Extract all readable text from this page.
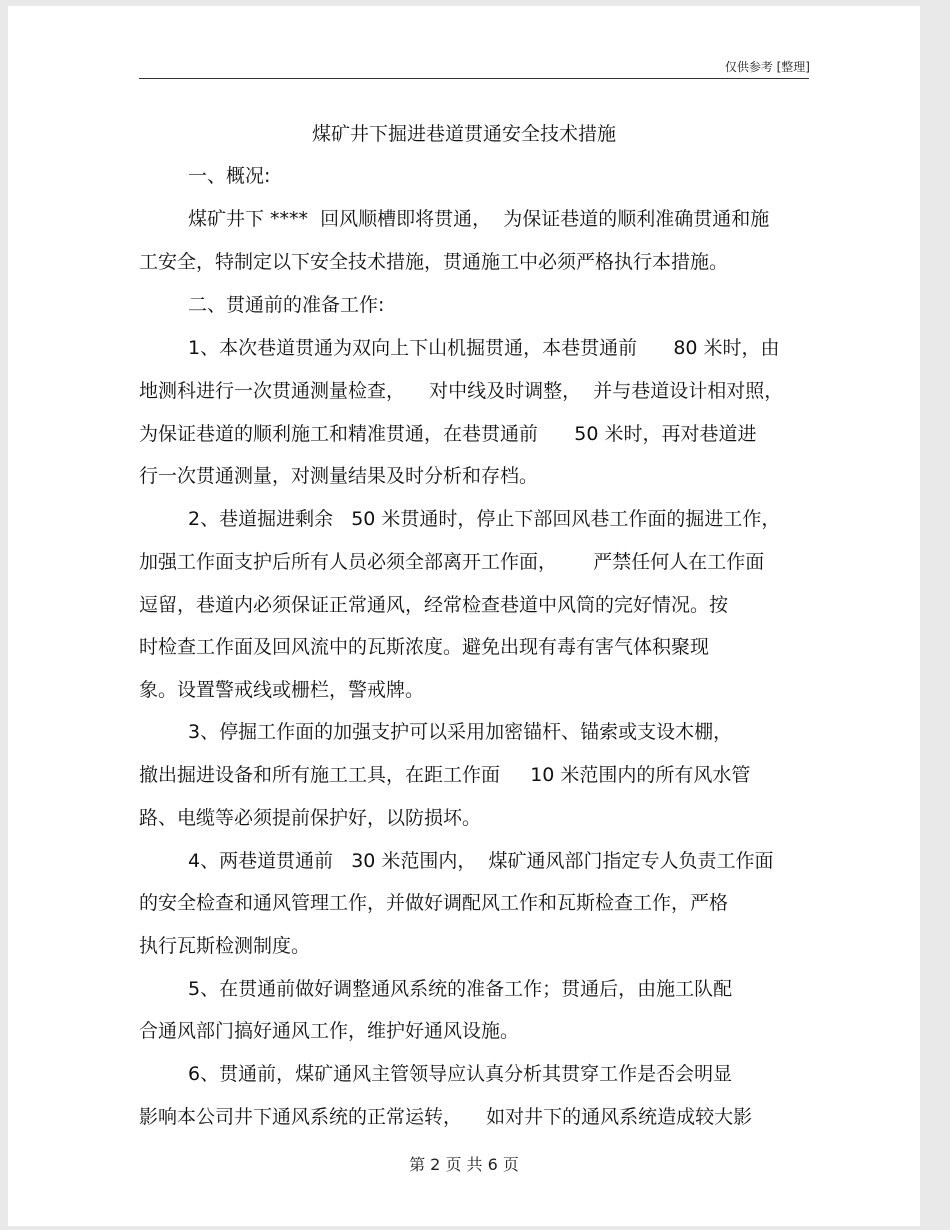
仅供参考 [整理]
煤矿井下掘进巷道贯通安全技术措施
一、概况:
煤矿井下 ****  回风顺槽即将贯通，  为保证巷道的顺利准确贯通和施
工安全，特制定以下安全技术措施，贯通施工中必须严格执行本措施。
二、贯通前的准备工作:
1、本次巷道贯通为双向上下山机掘贯通，本巷贯通前      80 米时，由
地测科进行一次贯通测量检查，    对中线及时调整，  并与巷道设计相对照，
为保证巷道的顺利施工和精准贯通，在巷贯通前      50 米时，再对巷道进
行一次贯通测量，对测量结果及时分析和存档。
2、巷道掘进剩余   50 米贯通时，停止下部回风巷工作面的掘进工作，
加强工作面支护后所有人员必须全部离开工作面，      严禁任何人在工作面
逗留，巷道内必须保证正常通风，经常检查巷道中风筒的完好情况。按
时检查工作面及回风流中的瓦斯浓度。避免出现有毒有害气体积聚现
象。设置警戒线或栅栏，警戒牌。
3、停掘工作面的加强支护可以采用加密锚杆、锚索或支设木棚，
撤出掘进设备和所有施工工具，在距工作面     10 米范围内的所有风水管
路、电缆等必须提前保护好，以防损坏。
4、两巷道贯通前   30 米范围内，  煤矿通风部门指定专人负责工作面
的安全检查和通风管理工作，并做好调配风工作和瓦斯检查工作，严格
执行瓦斯检测制度。
5、在贯通前做好调整通风系统的准备工作；贯通后，由施工队配
合通风部门搞好通风工作，维护好通风设施。
6、贯通前，煤矿通风主管领导应认真分析其贯穿工作是否会明显
影响本公司井下通风系统的正常运转，    如对井下的通风系统造成较大影
第 2 页 共 6 页
